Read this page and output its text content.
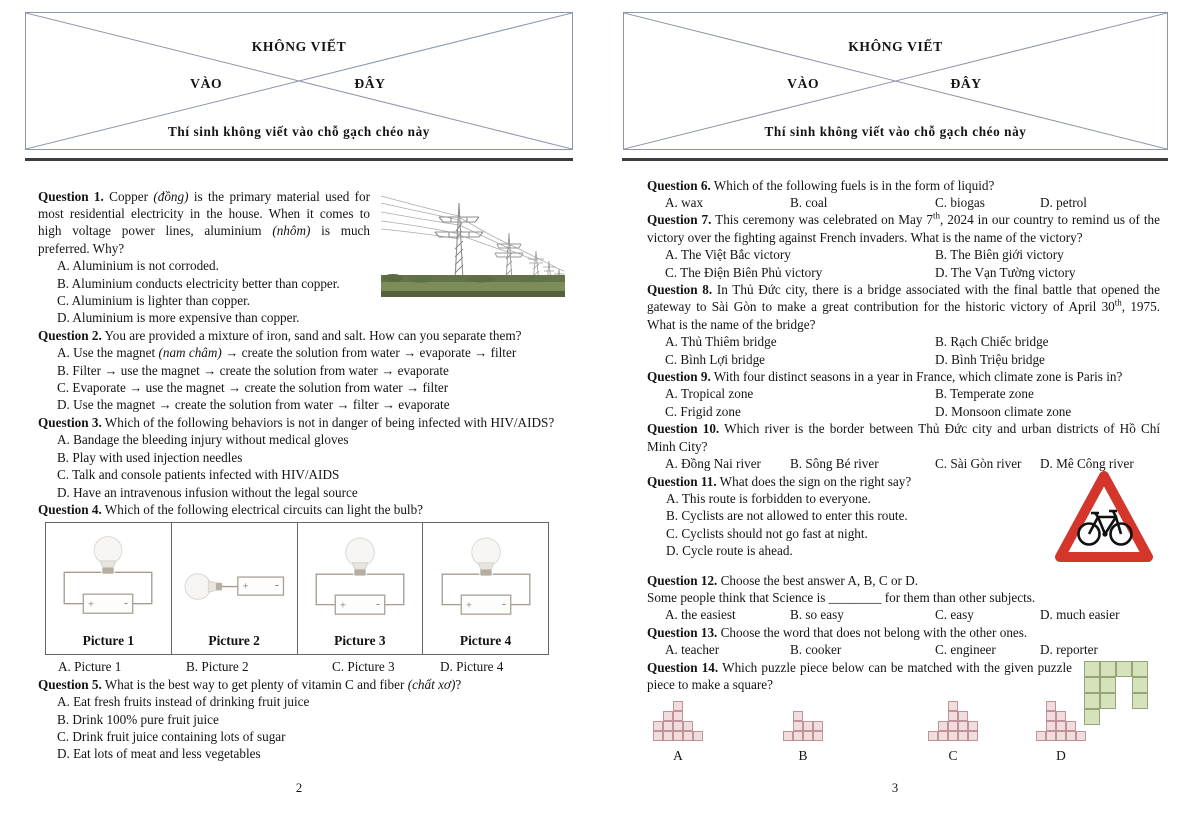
KHÔNG VIẾT
VÀO	ĐÂY
Thí sinh không viết vào chỗ gạch chéo này

Question 1. Copper (đồng) is the primary material used for most residential electricity in the house. When it comes to high voltage power lines, aluminium (nhôm) is much preferred. Why?

A. Aluminium is not corroded.
B. Aluminium conducts electricity better than copper.
C. Aluminium is lighter than copper.
D. Aluminium is more expensive than copper.

Question 2. You are provided a mixture of iron, sand and salt. How can you separate them?

A. Use the magnet (nam châm) → create the solution from water → evaporate → filter
B. Filter → use the magnet → create the solution from water → evaporate
C. Evaporate → use the magnet → create the solution from water → filter
D. Use the magnet → create the solution from water → filter → evaporate

Question 3. Which of the following behaviors is not in danger of being infected with HIV/AIDS?

A. Bandage the bleeding injury without medical gloves
B. Play with used injection needles
C. Talk and console patients infected with HIV/AIDS
D. Have an intravenous infusion without the legal source

Question 4. Which of the following electrical circuits can light the bulb?

+	-
Picture 1

+ -
Picture 2

+	-
Picture 3

+	-
Picture 4
A. Picture 1	B. Picture 2	C. Picture 3	D. Picture 4

Question 5. What is the best way to get plenty of vitamin C and fiber (chất xơ)?

A. Eat fresh fruits instead of drinking fruit juice
B. Drink 100% pure fruit juice
C. Drink fruit juice containing lots of sugar
D. Eat lots of meat and less vegetables
2
KHÔNG VIẾT
VÀO	ĐÂY
Thí sinh không viết vào chỗ gạch chéo này

Question 6. Which of the following fuels is in the form of liquid?

A. wax	B. coal	C. biogas	D. petrol

Question 7. This ceremony was celebrated on May 7th, 2024 in our country to remind us of the victory over the fighting against French invaders. What is the name of the victory?

A. The Việt Bắc victory	B. The Biên giới victory
C. The Điện Biên Phủ victory	D. The Vạn Tường victory

Question 8. In Thủ Đức city, there is a bridge associated with the final battle that opened the gateway to Sài Gòn to make a great contribution for the historic victory of April 30th, 1975. What is the name of the bridge?

A. Thủ Thiêm bridge	B. Rạch Chiếc bridge
C. Bình Lợi bridge	D. Bình Triệu bridge

Question 9. With four distinct seasons in a year in France, which climate zone is Paris in?

A. Tropical zone	B. Temperate zone
C. Frigid zone	D. Monsoon climate zone

Question 10. Which river is the border between Thủ Đức city and urban districts of Hồ Chí Minh City?

A. Đồng Nai river	B. Sông Bé river	C. Sài Gòn river	D. Mê Công river

Question 11. What does the sign on the right say?

A. This route is forbidden to everyone.
B. Cyclists are not allowed to enter this route.
C. Cyclists should not go fast at night.
D. Cycle route is ahead.

Question 12. Choose the best answer A, B, C or D.

Some people think that Science is ________ for them than other subjects.

A. the easiest	B. so easy	C. easy	D. much easier

Question 13. Choose the word that does not belong with the other ones.

A. teacher	B. cooker	C. engineer	D. reporter

Question 14. Which puzzle piece below can be matched with the given puzzle piece to make a square?

A	B	C	D
3
